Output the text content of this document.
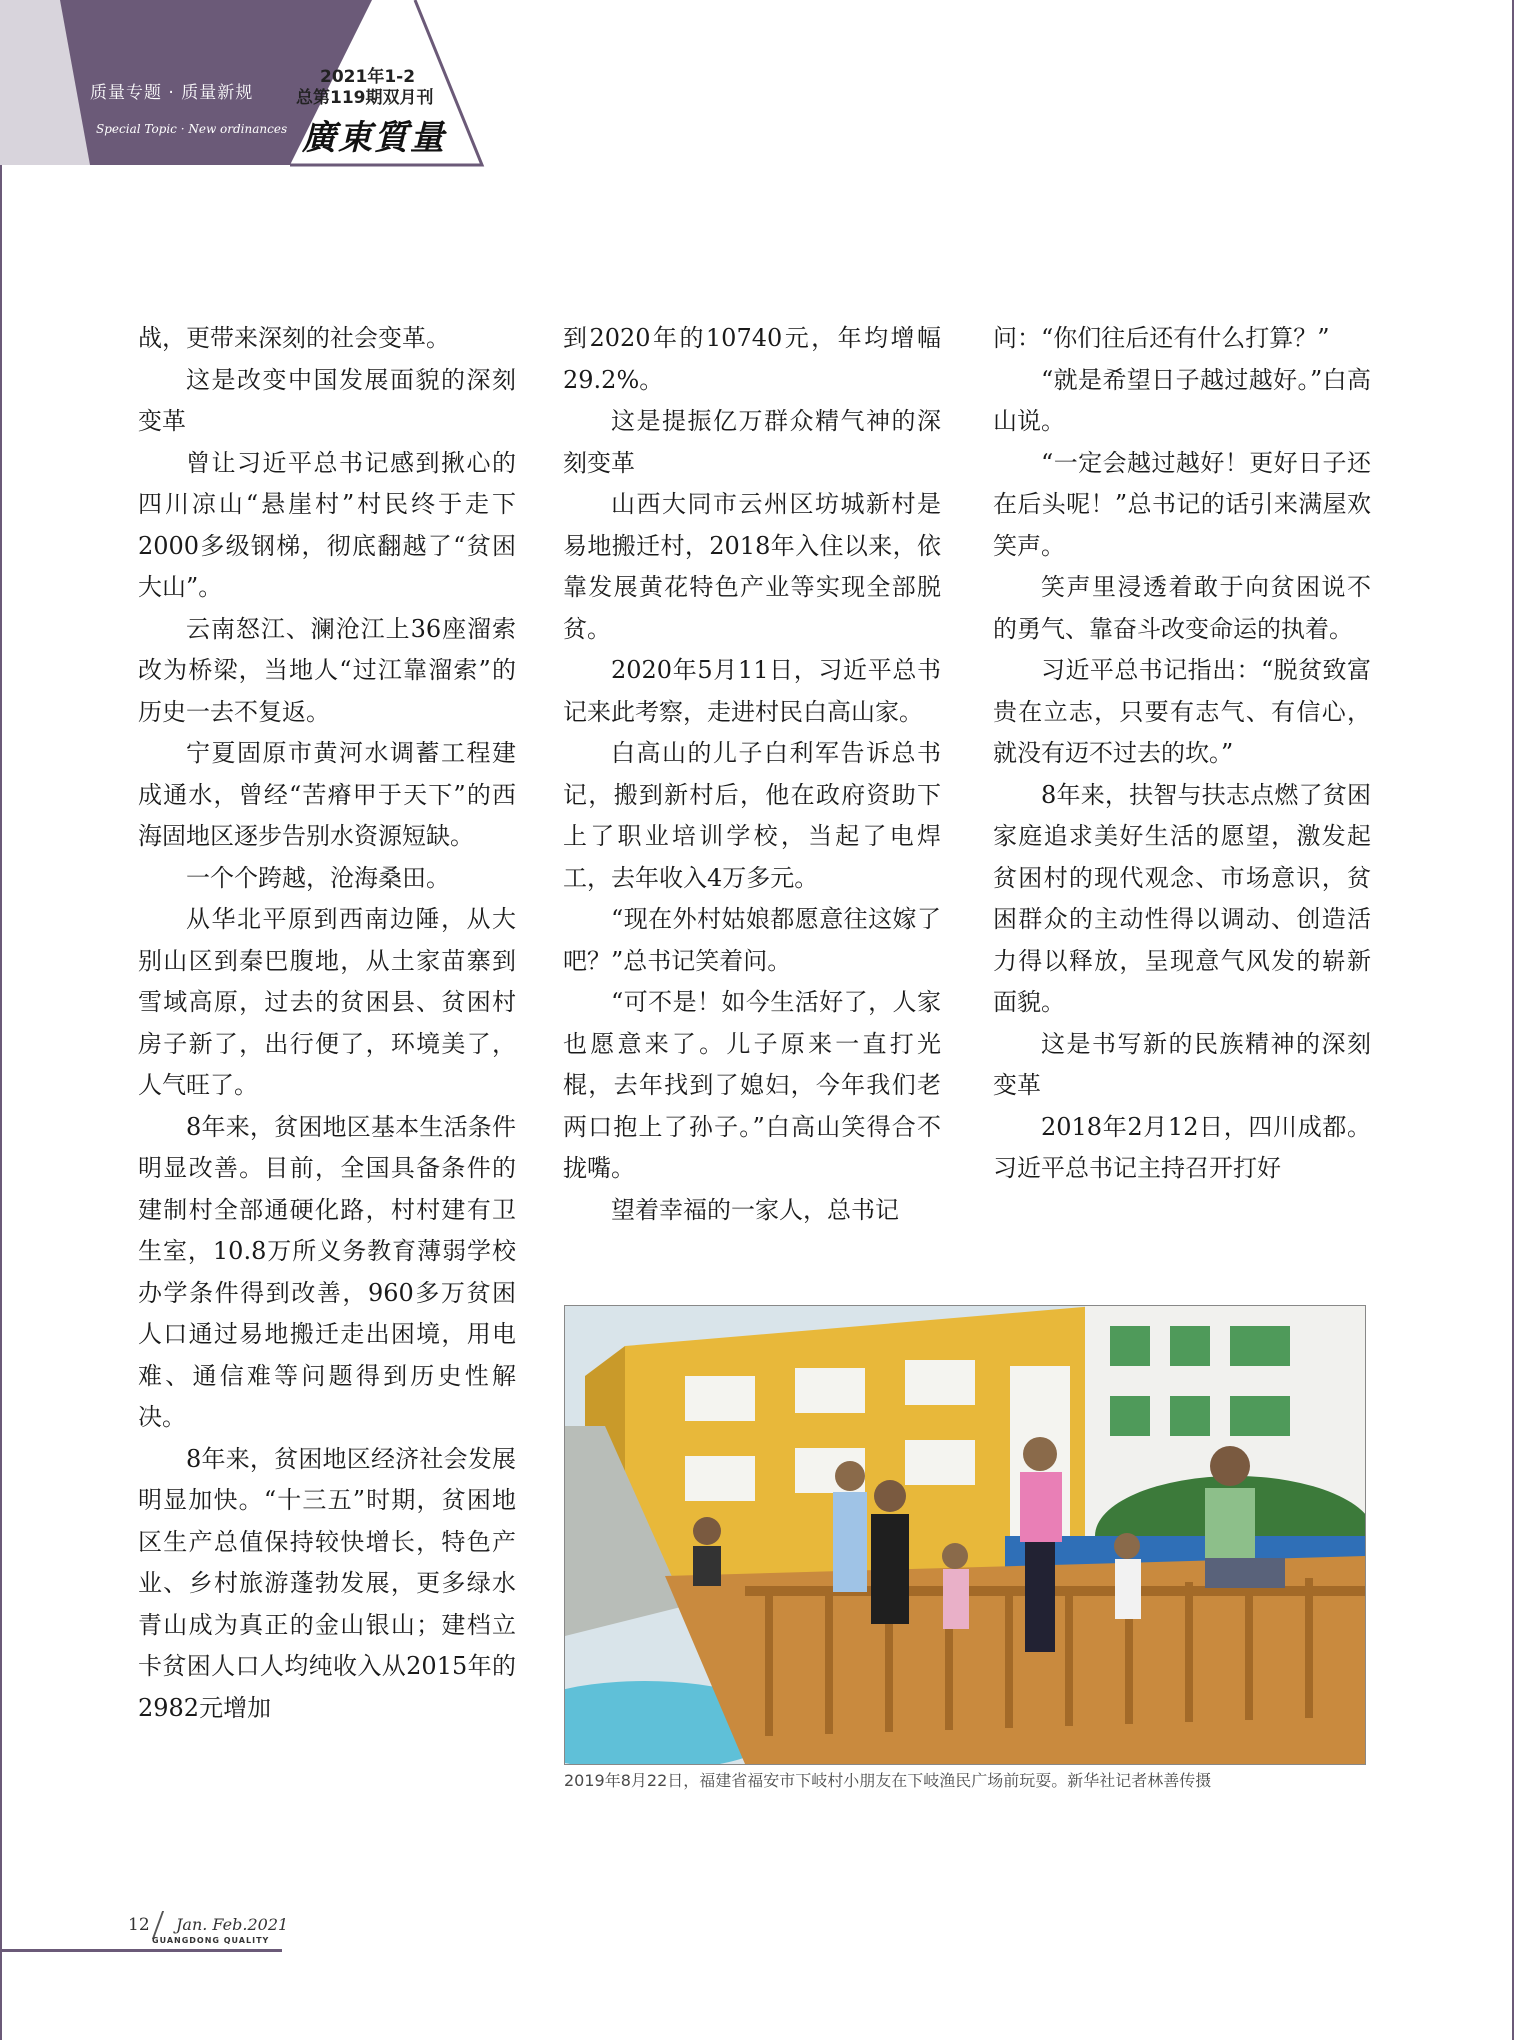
质量专题 · 质量新规
Special Topic · New ordinances
2021年1-2
总第119期双月刊
廣東質量

战，更带来深刻的社会变革。

这是改变中国发展面貌的深刻变革

曾让习近平总书记感到揪心的四川凉山“悬崖村”村民终于走下2000多级钢梯，彻底翻越了“贫困大山”。

云南怒江、澜沧江上36座溜索改为桥梁，当地人“过江靠溜索”的历史一去不复返。

宁夏固原市黄河水调蓄工程建成通水，曾经“苦瘠甲于天下”的西海固地区逐步告别水资源短缺。

一个个跨越，沧海桑田。

从华北平原到西南边陲，从大别山区到秦巴腹地，从土家苗寨到雪域高原，过去的贫困县、贫困村房子新了，出行便了，环境美了，人气旺了。

8年来，贫困地区基本生活条件明显改善。目前，全国具备条件的建制村全部通硬化路，村村建有卫生室，10.8万所义务教育薄弱学校办学条件得到改善，960多万贫困人口通过易地搬迁走出困境，用电难、通信难等问题得到历史性解决。

8年来，贫困地区经济社会发展明显加快。“十三五”时期，贫困地区生产总值保持较快增长，特色产业、乡村旅游蓬勃发展，更多绿水青山成为真正的金山银山；建档立卡贫困人口人均纯收入从2015年的2982元增加

到2020年的10740元，年均增幅29.2%。

这是提振亿万群众精气神的深刻变革

山西大同市云州区坊城新村是易地搬迁村，2018年入住以来，依靠发展黄花特色产业等实现全部脱贫。

2020年5月11日，习近平总书记来此考察，走进村民白高山家。

白高山的儿子白利军告诉总书记，搬到新村后，他在政府资助下上了职业培训学校，当起了电焊工，去年收入4万多元。

“现在外村姑娘都愿意往这嫁了吧？”总书记笑着问。

“可不是！如今生活好了，人家也愿意来了。儿子原来一直打光棍，去年找到了媳妇，今年我们老两口抱上了孙子。”白高山笑得合不拢嘴。

望着幸福的一家人，总书记

问：“你们往后还有什么打算？”

“就是希望日子越过越好。”白高山说。

“一定会越过越好！更好日子还在后头呢！”总书记的话引来满屋欢笑声。

笑声里浸透着敢于向贫困说不的勇气、靠奋斗改变命运的执着。

习近平总书记指出：“脱贫致富贵在立志，只要有志气、有信心，就没有迈不过去的坎。”

8年来，扶智与扶志点燃了贫困家庭追求美好生活的愿望，激发起贫困村的现代观念、市场意识，贫困群众的主动性得以调动、创造活力得以释放，呈现意气风发的崭新面貌。

这是书写新的民族精神的深刻变革

2018年2月12日，四川成都。习近平总书记主持召开打好

2019年8月22日，福建省福安市下岐村小朋友在下岐渔民广场前玩耍。新华社记者林善传摄
12 Jan. Feb.2021
GUANGDONG QUALITY
